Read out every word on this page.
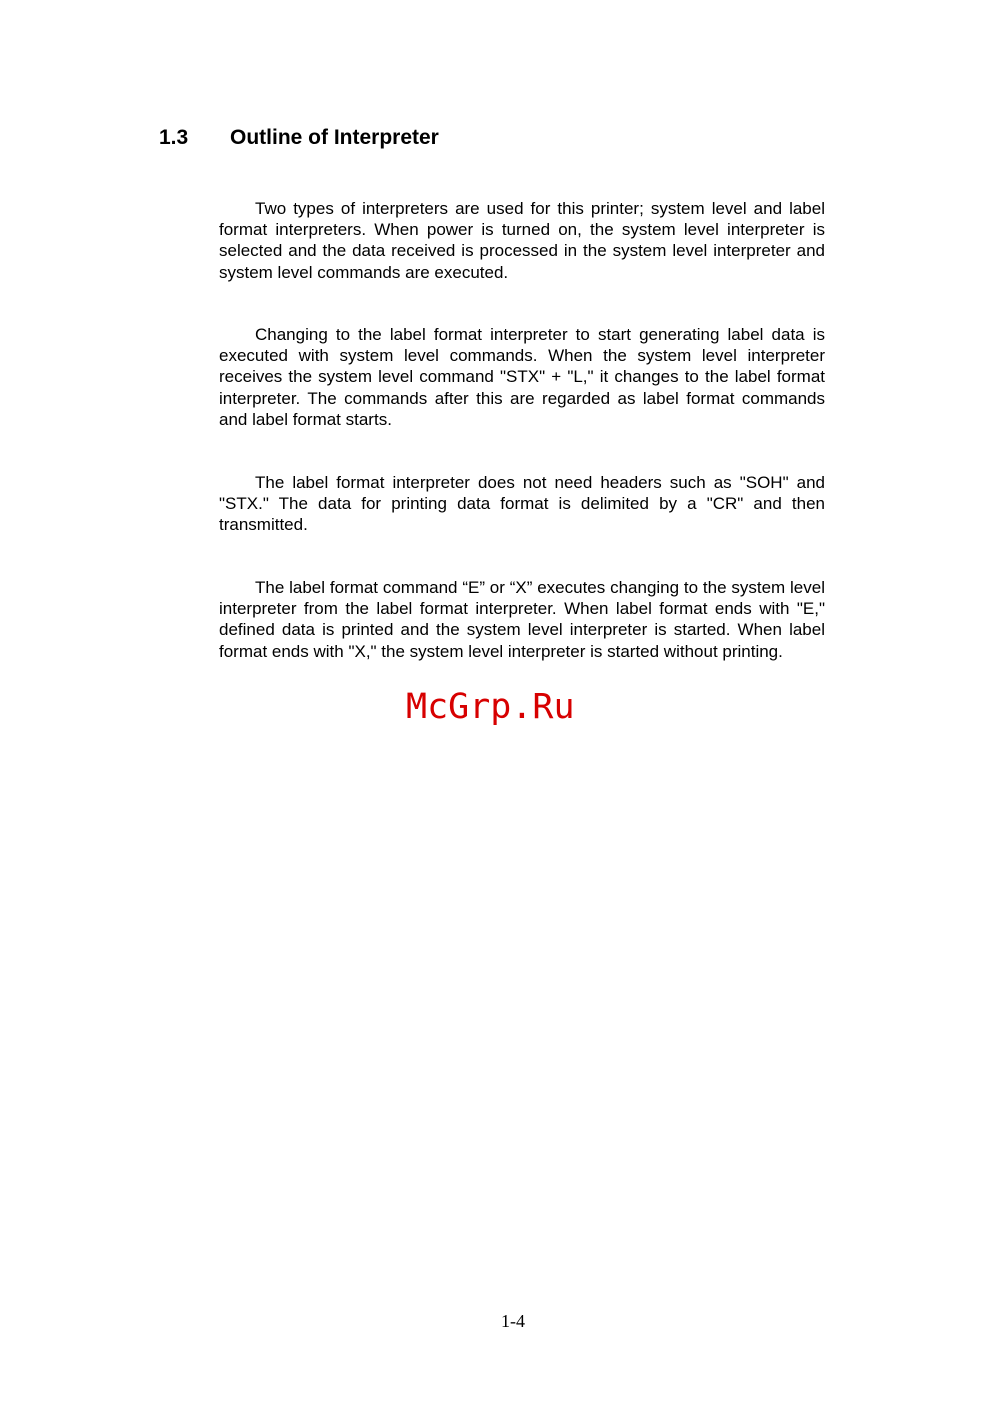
1.3 Outline of Interpreter

Two types of interpreters are used for this printer; system level and label format interpreters. When power is turned on, the system level interpreter is selected and the data received is processed in the system level interpreter and system level commands are executed.

Changing to the label format interpreter to start generating label data is executed with system level commands. When the system level interpreter receives the system level command "STX" + "L," it changes to the label format interpreter. The commands after this are regarded as label format commands and label format starts.

The label format interpreter does not need headers such as "SOH" and "STX." The data for printing data format is delimited by a "CR" and then transmitted.

The label format command “E” or “X” executes changing to the system level interpreter from the label format interpreter. When label format ends with "E," defined data is printed and the system level interpreter is started. When label format ends with "X," the system level interpreter is started without printing.

McGrp.Ru
1-4
